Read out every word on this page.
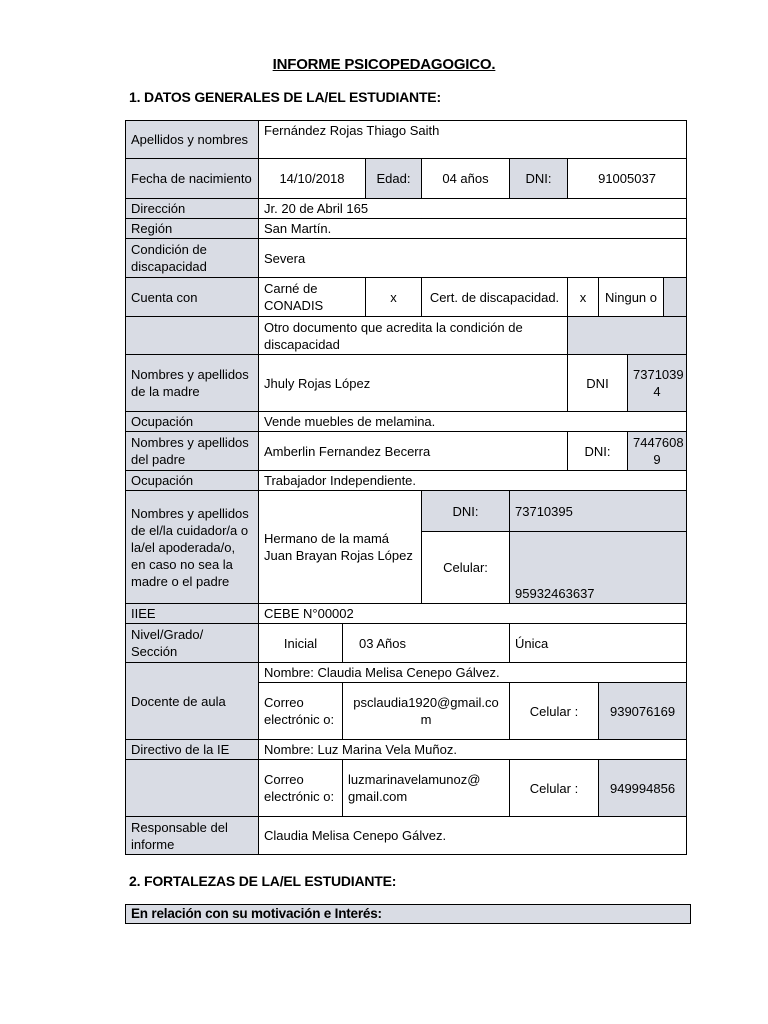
INFORME PSICOPEDAGOGICO.
1. DATOS GENERALES DE LA/EL ESTUDIANTE:
Apellidos y nombres	Fernández Rojas Thiago Saith								
Fecha de nacimiento	14/10/2018		Edad:	04 años	DNI:	91005037			
Dirección	Jr. 20 de Abril 165								
Región	San Martín.								
Condición de discapacidad	Severa								
Cuenta con	Carné de CONADIS		x	Cert. de discapacidad.		x	Ningun o		
	Otro documento que acredita la condición de discapacidad								
Nombres y apellidos de la madre	Jhuly Rojas López					DNI		7371039 4	
Ocupación	Vende muebles de melamina.								
Nombres y apellidos del padre	Amberlin Fernandez Becerra					DNI:		7447608 9	
Ocupación	Trabajador Independiente.								
Nombres y apellidos de el/la cuidador/a o la/el apoderada/o, en caso no sea la madre o el padre	Hermano de la mamá
Juan Brayan Rojas López			DNI:	73710395				
				Celular:	95932463637				
IIEE	CEBE N°00002								
Nivel/Grado/ Sección	Inicial	03 Años			Única				
Docente de aula	Nombre: Claudia Melisa Cenepo Gálvez.								
	Correo electrónic o:	psclaudia1920@gmail.co m			Celular :		939076169		
Directivo de la IE	Nombre: Luz Marina Vela Muñoz.								
	Correo electrónic o:	luzmarinavelamunoz@ gmail.com			Celular :		949994856		
Responsable del informe	Claudia Melisa Cenepo Gálvez.								
2. FORTALEZAS DE LA/EL ESTUDIANTE:
En relación con su motivación e Interés:
